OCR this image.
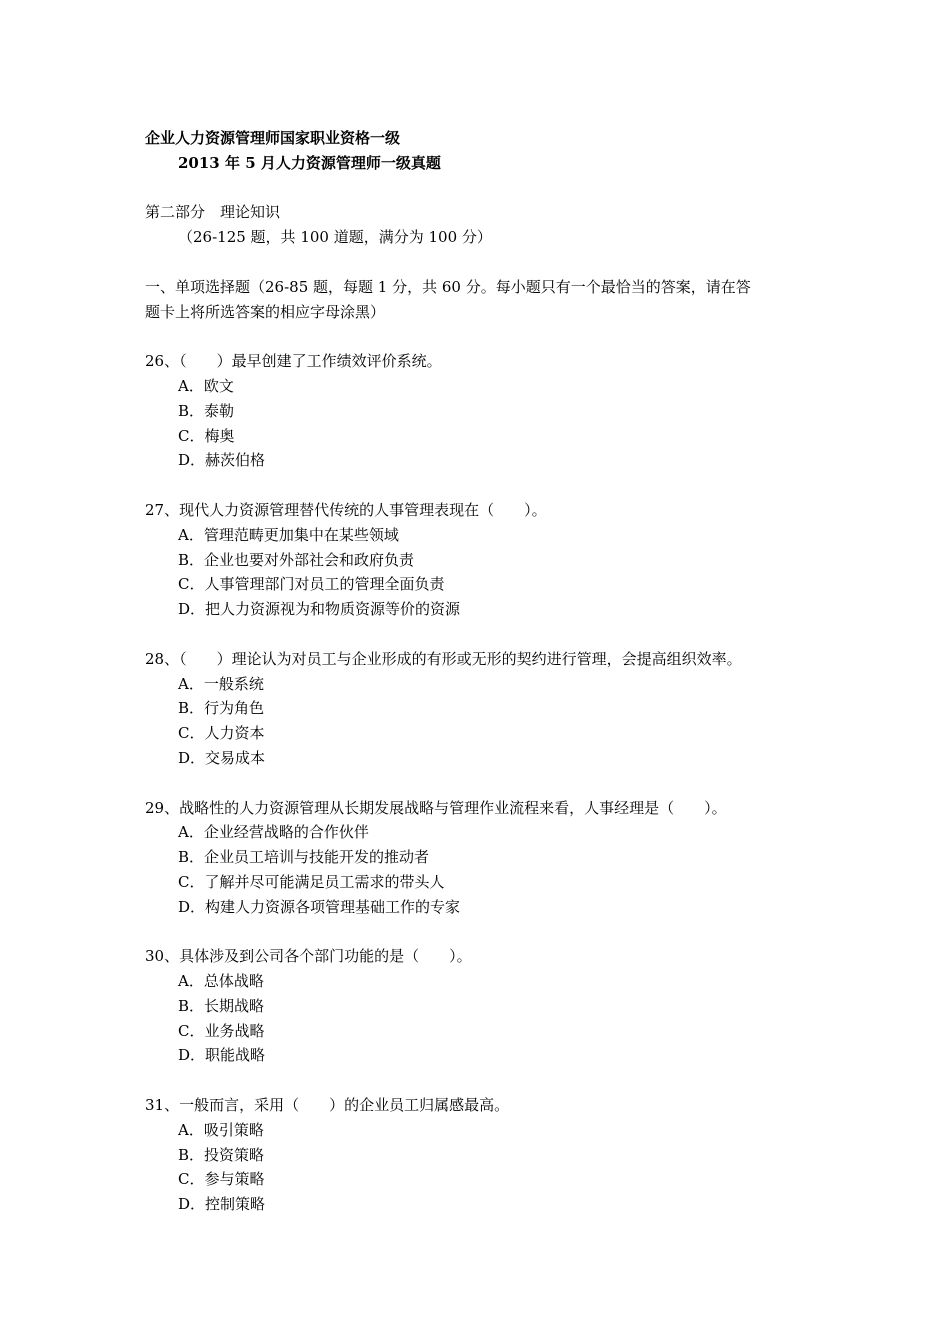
企业人力资源管理师国家职业资格一级
2013 年 5 月人力资源管理师一级真题
第二部分　理论知识
（26-125 题，共 100 道题，满分为 100 分）
一、单项选择题（26-85 题，每题 1 分，共 60 分。每小题只有一个最恰当的答案，请在答
题卡上将所选答案的相应字母涂黑）
26、（　　）最早创建了工作绩效评价系统。
A．欧文
B．泰勒
C．梅奥
D．赫茨伯格
27、现代人力资源管理替代传统的人事管理表现在（　　）。
A．管理范畴更加集中在某些领域
B．企业也要对外部社会和政府负责
C．人事管理部门对员工的管理全面负责
D．把人力资源视为和物质资源等价的资源
28、（　　）理论认为对员工与企业形成的有形或无形的契约进行管理，会提高组织效率。
A．一般系统
B．行为角色
C．人力资本
D．交易成本
29、战略性的人力资源管理从长期发展战略与管理作业流程来看，人事经理是（　　）。
A．企业经营战略的合作伙伴
B．企业员工培训与技能开发的推动者
C．了解并尽可能满足员工需求的带头人
D．构建人力资源各项管理基础工作的专家
30、具体涉及到公司各个部门功能的是（　　）。
A．总体战略
B．长期战略
C．业务战略
D．职能战略
31、一般而言，采用（　　）的企业员工归属感最高。
A．吸引策略
B．投资策略
C．参与策略
D．控制策略
